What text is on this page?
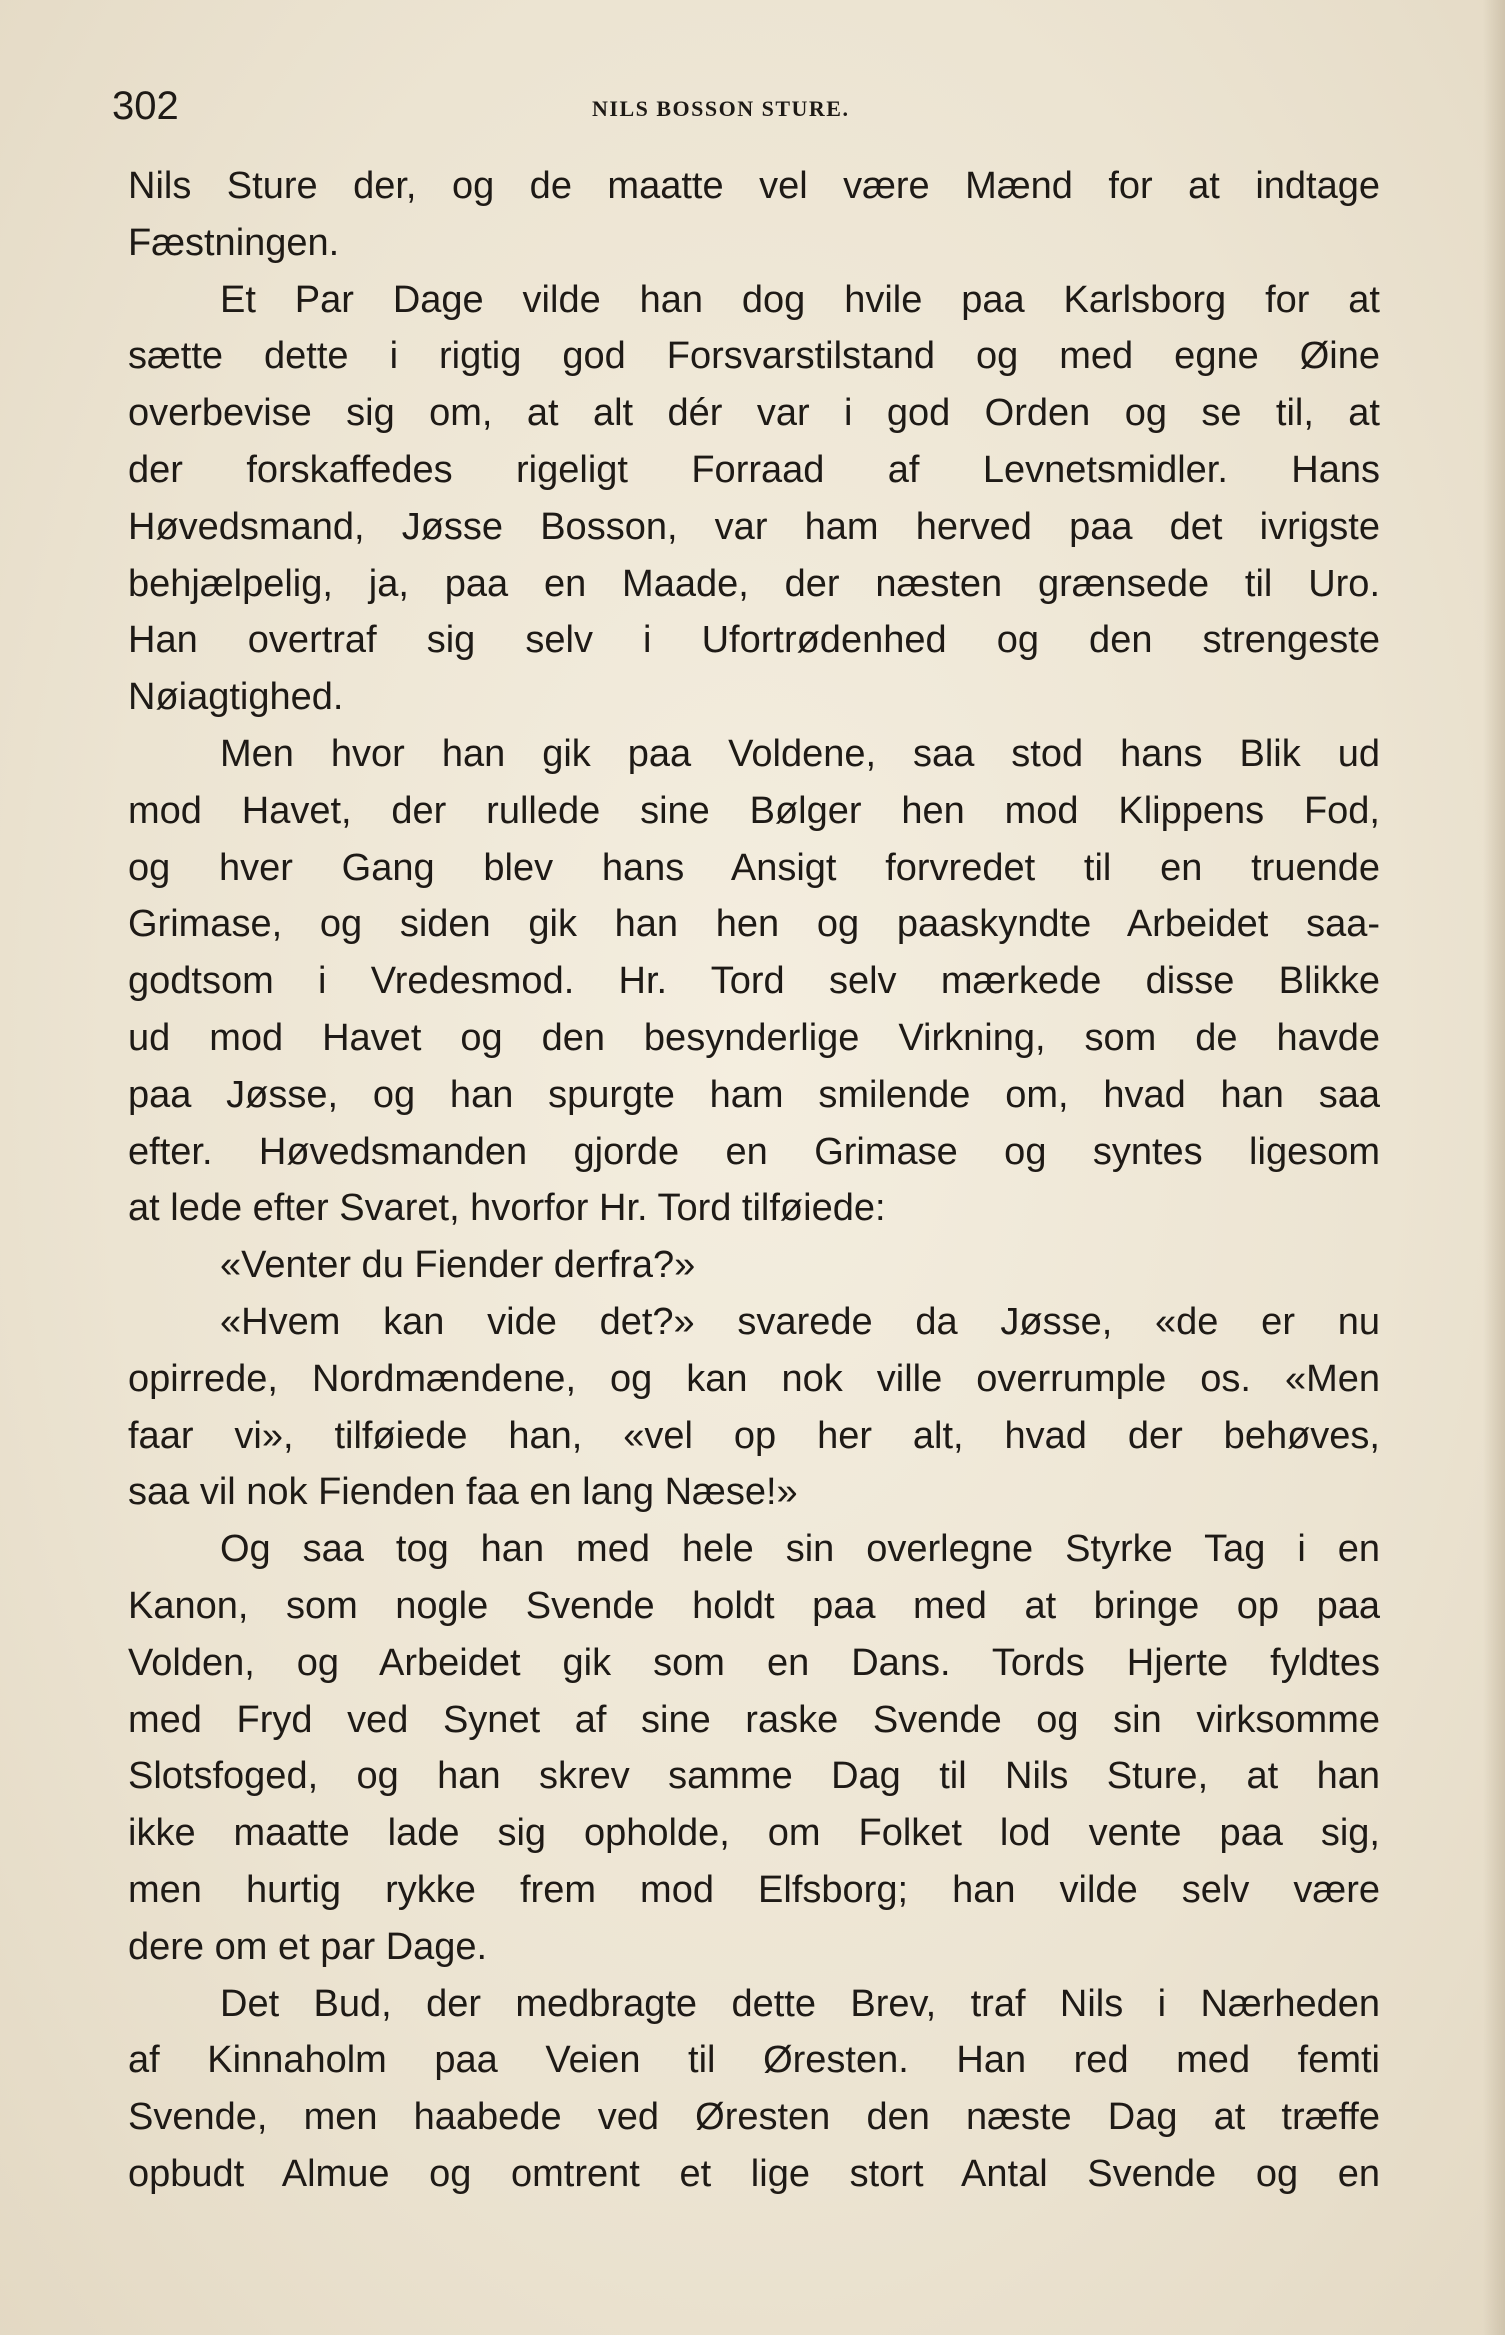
302	NILS BOSSON STURE.
Nils Sture der, og de maatte vel være Mænd for at indtage
Fæstningen.
Et Par Dage vilde han dog hvile paa Karlsborg for at
sætte dette i rigtig god Forsvarstilstand og med egne Øine
overbevise sig om, at alt dér var i god Orden og se til, at
der forskaffedes rigeligt Forraad af Levnetsmidler. Hans
Høvedsmand, Jøsse Bosson, var ham herved paa det ivrigste
behjælpelig, ja, paa en Maade, der næsten grænsede til Uro.
Han overtraf sig selv i Ufortrødenhed og den strengeste
Nøiagtighed.
Men hvor han gik paa Voldene, saa stod hans Blik ud
mod Havet, der rullede sine Bølger hen mod Klippens Fod,
og hver Gang blev hans Ansigt forvredet til en truende
Grimase, og siden gik han hen og paaskyndte Arbeidet saa-
godtsom i Vredesmod. Hr. Tord selv mærkede disse Blikke
ud mod Havet og den besynderlige Virkning, som de havde
paa Jøsse, og han spurgte ham smilende om, hvad han saa
efter. Høvedsmanden gjorde en Grimase og syntes ligesom
at lede efter Svaret, hvorfor Hr. Tord tilføiede:
«Venter du Fiender derfra?»
«Hvem kan vide det?» svarede da Jøsse, «de er nu
opirrede, Nordmændene, og kan nok ville overrumple os. «Men
faar vi», tilføiede han, «vel op her alt, hvad der behøves,
saa vil nok Fienden faa en lang Næse!»
Og saa tog han med hele sin overlegne Styrke Tag i en
Kanon, som nogle Svende holdt paa med at bringe op paa
Volden, og Arbeidet gik som en Dans. Tords Hjerte fyldtes
med Fryd ved Synet af sine raske Svende og sin virksomme
Slotsfoged, og han skrev samme Dag til Nils Sture, at han
ikke maatte lade sig opholde, om Folket lod vente paa sig,
men hurtig rykke frem mod Elfsborg; han vilde selv være
dere om et par Dage.
Det Bud, der medbragte dette Brev, traf Nils i Nærheden
af Kinnaholm paa Veien til Øresten. Han red med femti
Svende, men haabede ved Øresten den næste Dag at træffe
opbudt Almue og omtrent et lige stort Antal Svende og en
